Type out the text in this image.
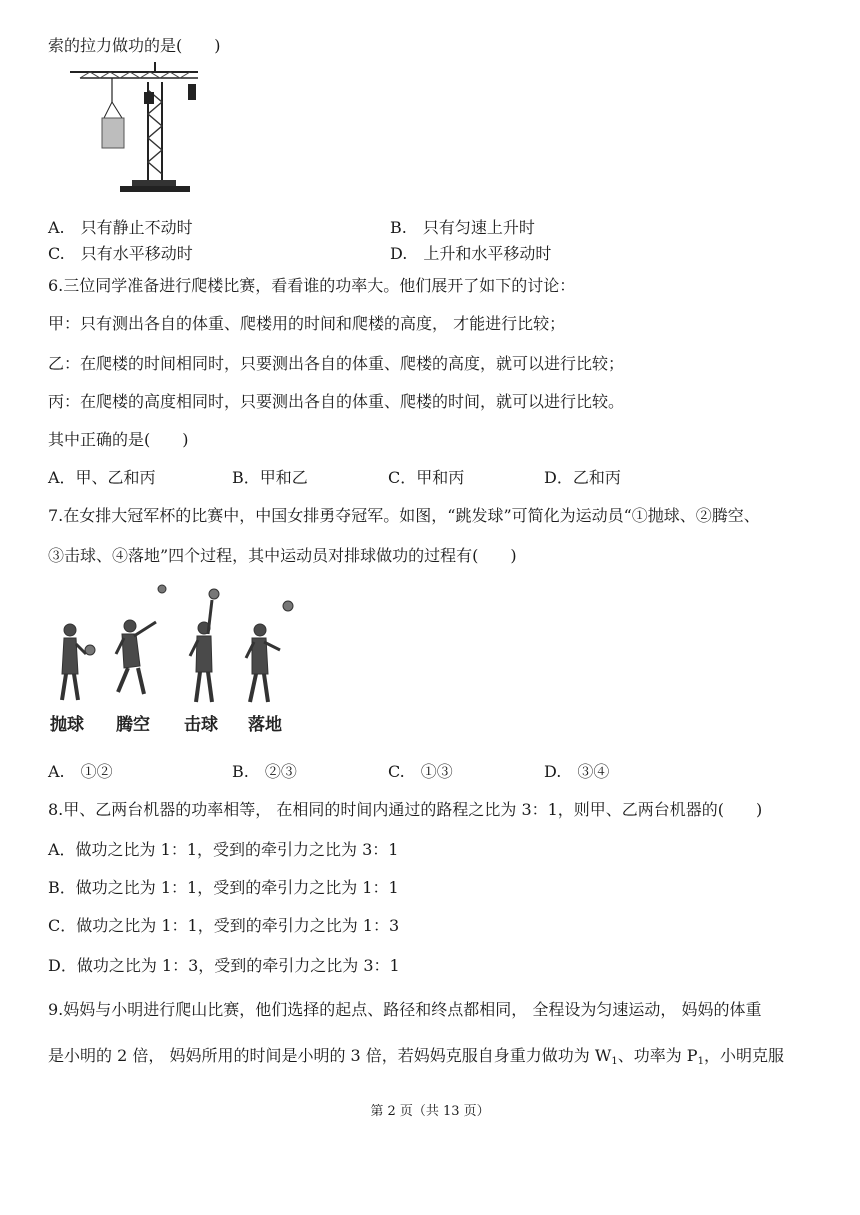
索的拉力做功的是(　　)
A.　只有静止不动时	B.　只有匀速上升时
C.　只有水平移动时	D.　上升和水平移动时
6.三位同学准备进行爬楼比赛，看看谁的功率大。他们展开了如下的讨论：
甲：只有测出各自的体重、爬楼用的时间和爬楼的高度， 才能进行比较；
乙：在爬楼的时间相同时，只要测出各自的体重、爬楼的高度，就可以进行比较；
丙：在爬楼的高度相同时，只要测出各自的体重、爬楼的时间，就可以进行比较。
其中正确的是(　　)
A．甲、乙和丙	B．甲和乙	C．甲和丙	D．乙和丙
7.在女排大冠军杯的比赛中，中国女排勇夺冠军。如图，“跳发球”可简化为运动员“①抛球、②腾空、
③击球、④落地”四个过程，其中运动员对排球做功的过程有(　　)
抛球 腾空 击球 落地
A.　①②	B.　②③	C.　①③	D.　③④
8.甲、乙两台机器的功率相等， 在相同的时间内通过的路程之比为 3：1，则甲、乙两台机器的(　　)
A．做功之比为 1：1，受到的牵引力之比为 3：1
B．做功之比为 1：1，受到的牵引力之比为 1：1
C．做功之比为 1：1，受到的牵引力之比为 1：3
D．做功之比为 1：3，受到的牵引力之比为 3：1
9.妈妈与小明进行爬山比赛，他们选择的起点、路径和终点都相同， 全程设为匀速运动， 妈妈的体重
是小明的 2 倍， 妈妈所用的时间是小明的 3 倍，若妈妈克服自身重力做功为 $W_1$、功率为 $P_1$，小明克服
第 2 页（共 13 页）
